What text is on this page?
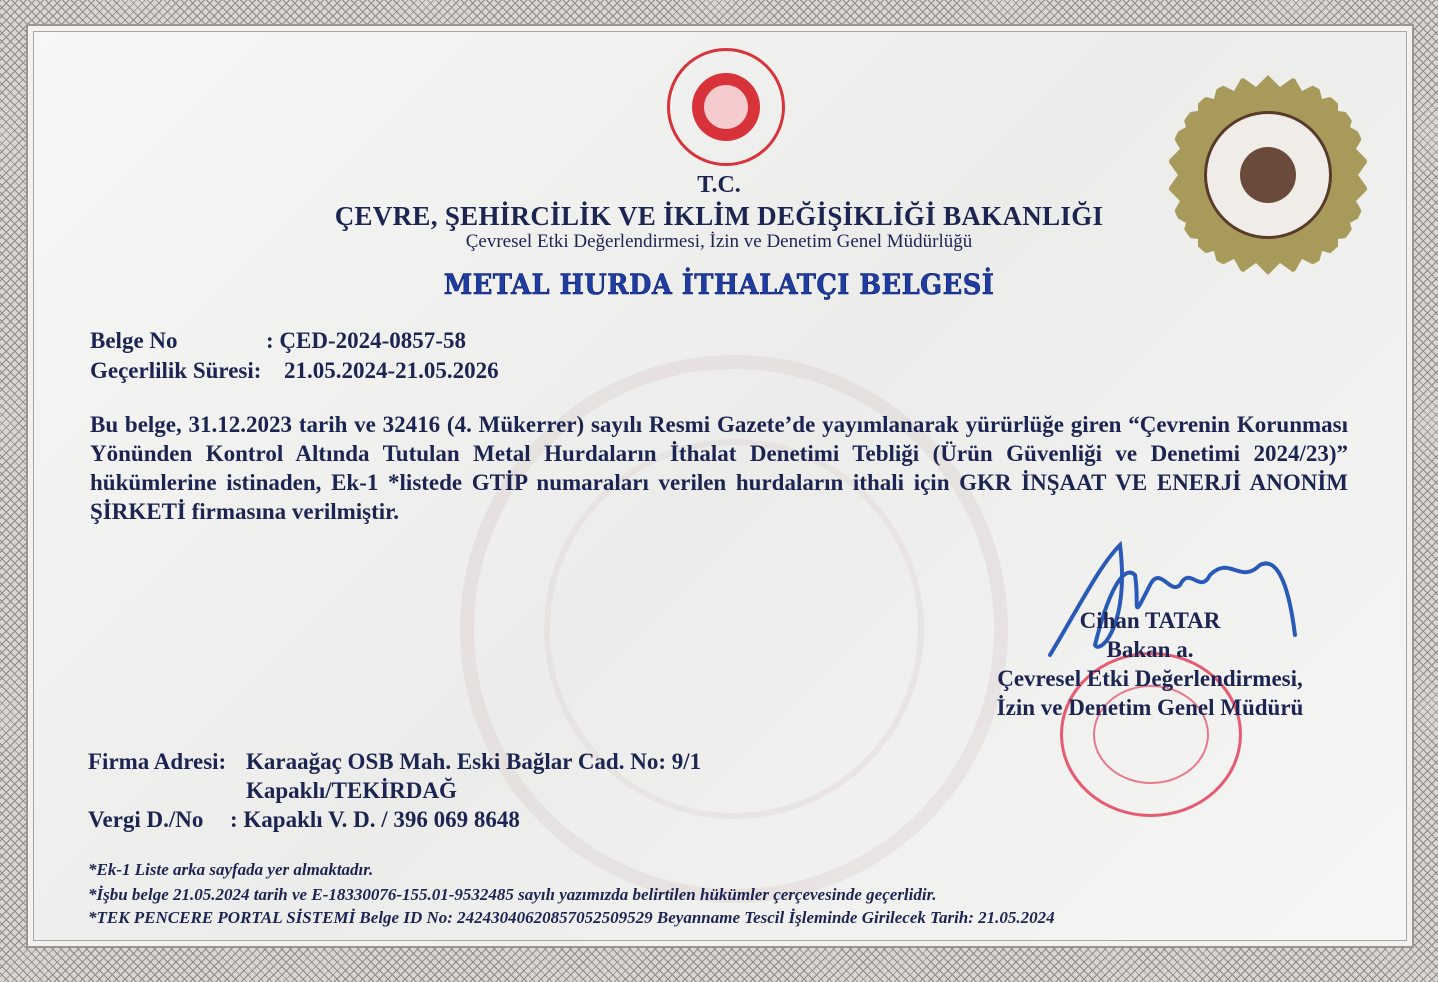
T.C.
ÇEVRE, ŞEHİRCİLİK VE İKLİM DEĞİŞİKLİĞİ BAKANLIĞI
Çevresel Etki Değerlendirmesi, İzin ve Denetim Genel Müdürlüğü
METAL HURDA İTHALATÇI BELGESİ
Belge No	: ÇED-2024-0857-58
Geçerlilik Süresi: 21.05.2024-21.05.2026
Bu belge, 31.12.2023 tarih ve 32416 (4. Mükerrer) sayılı Resmi Gazete’de yayımlanarak yürürlüğe giren “Çevrenin Korunması Yönünden Kontrol Altında Tutulan Metal Hurdaların İthalat Denetimi Tebliği (Ürün Güvenliği ve Denetimi 2024/23)” hükümlerine istinaden, Ek-1 *listede GTİP numaraları verilen hurdaların ithali için GKR İNŞAAT VE ENERJİ ANONİM ŞİRKETİ firmasına verilmiştir.
Cihan TATAR
Bakan a.
Çevresel Etki Değerlendirmesi,
İzin ve Denetim Genel Müdürü
Firma Adresi: Karaağaç OSB Mah. Eski Bağlar Cad. No: 9/1
Kapaklı/TEKİRDAĞ
Vergi D./No : Kapaklı V. D. / 396 069 8648
*Ek-1 Liste arka sayfada yer almaktadır.
*İşbu belge 21.05.2024 tarih ve E-18330076-155.01-9532485 sayılı yazımızda belirtilen hükümler çerçevesinde geçerlidir.
*TEK PENCERE PORTAL SİSTEMİ Belge ID No: 24243040620857052509529 Beyanname Tescil İşleminde Girilecek Tarih: 21.05.2024
